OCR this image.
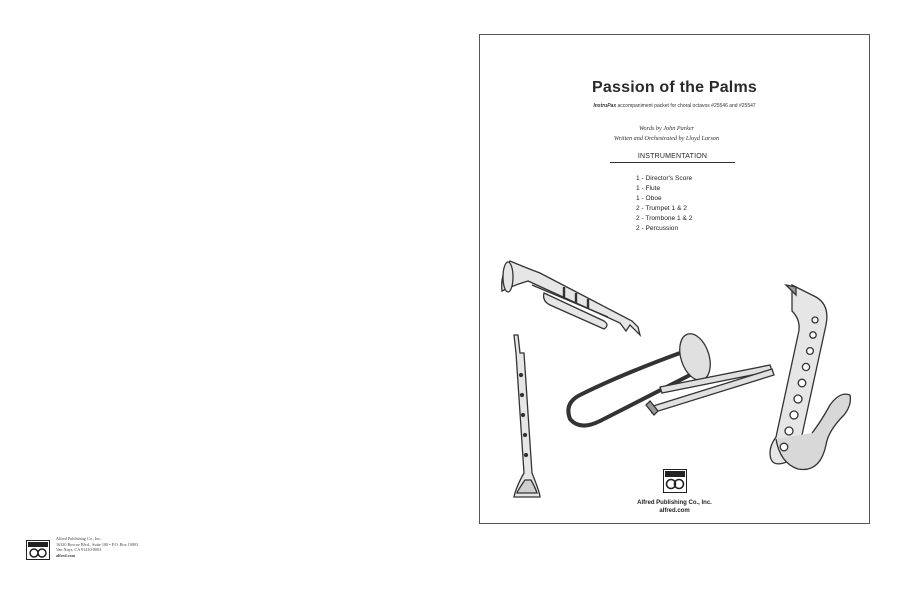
Alfred Publishing Co., Inc.
16320 Roscoe Blvd., Suite 100 • P.O. Box 10003
Van Nuys, CA 91410-0003
alfred.com
Passion of the Palms
InstruPax accompaniment packet for choral octavos #25546 and #25547
Words by John Parker
Written and Orchestrated by Lloyd Larson
INSTRUMENTATION
1 - Director's Score
1 - Flute
1 - Oboe
2 - Trumpet 1 & 2
2 - Trombone 1 & 2
2 - Percussion
Alfred Publishing Co., Inc.
alfred.com
